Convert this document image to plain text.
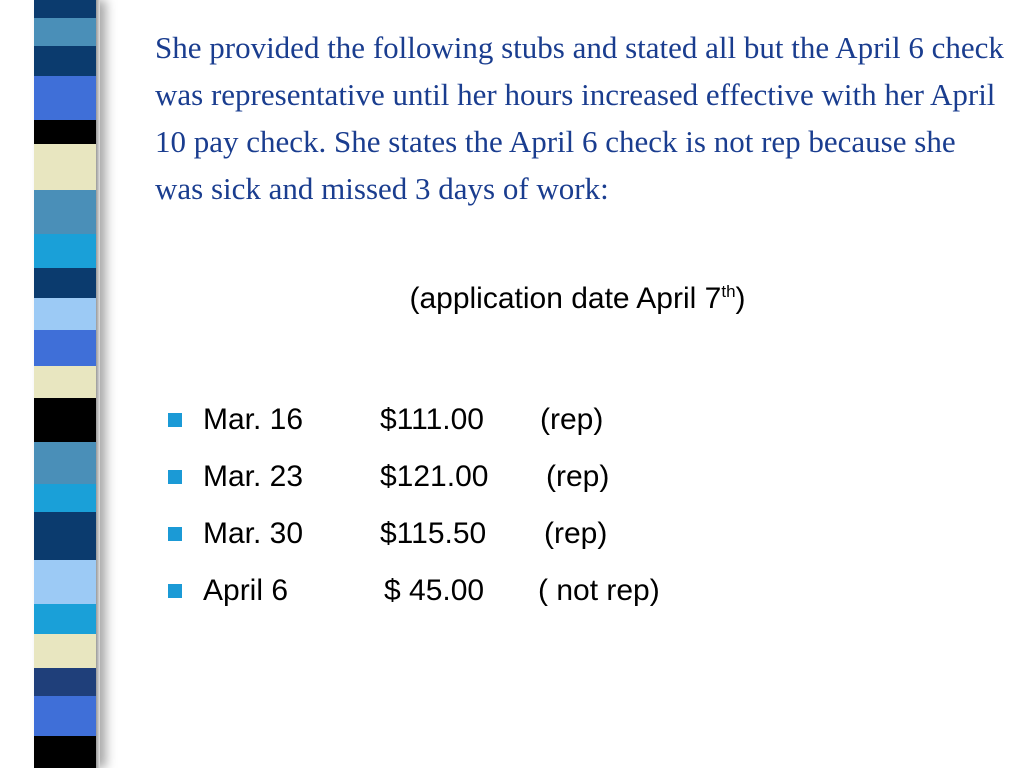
She provided the following stubs and stated all but the April 6 check was representative until her hours increased effective with her April 10 pay check. She states the April 6 check is not rep because she was sick and missed 3 days of work:
(application date April 7th)
Mar. 16	$111.00 (rep)
Mar. 23	$121.00 (rep)
Mar. 30	$115.50 (rep)
April 6	$ 45.00 ( not rep)
